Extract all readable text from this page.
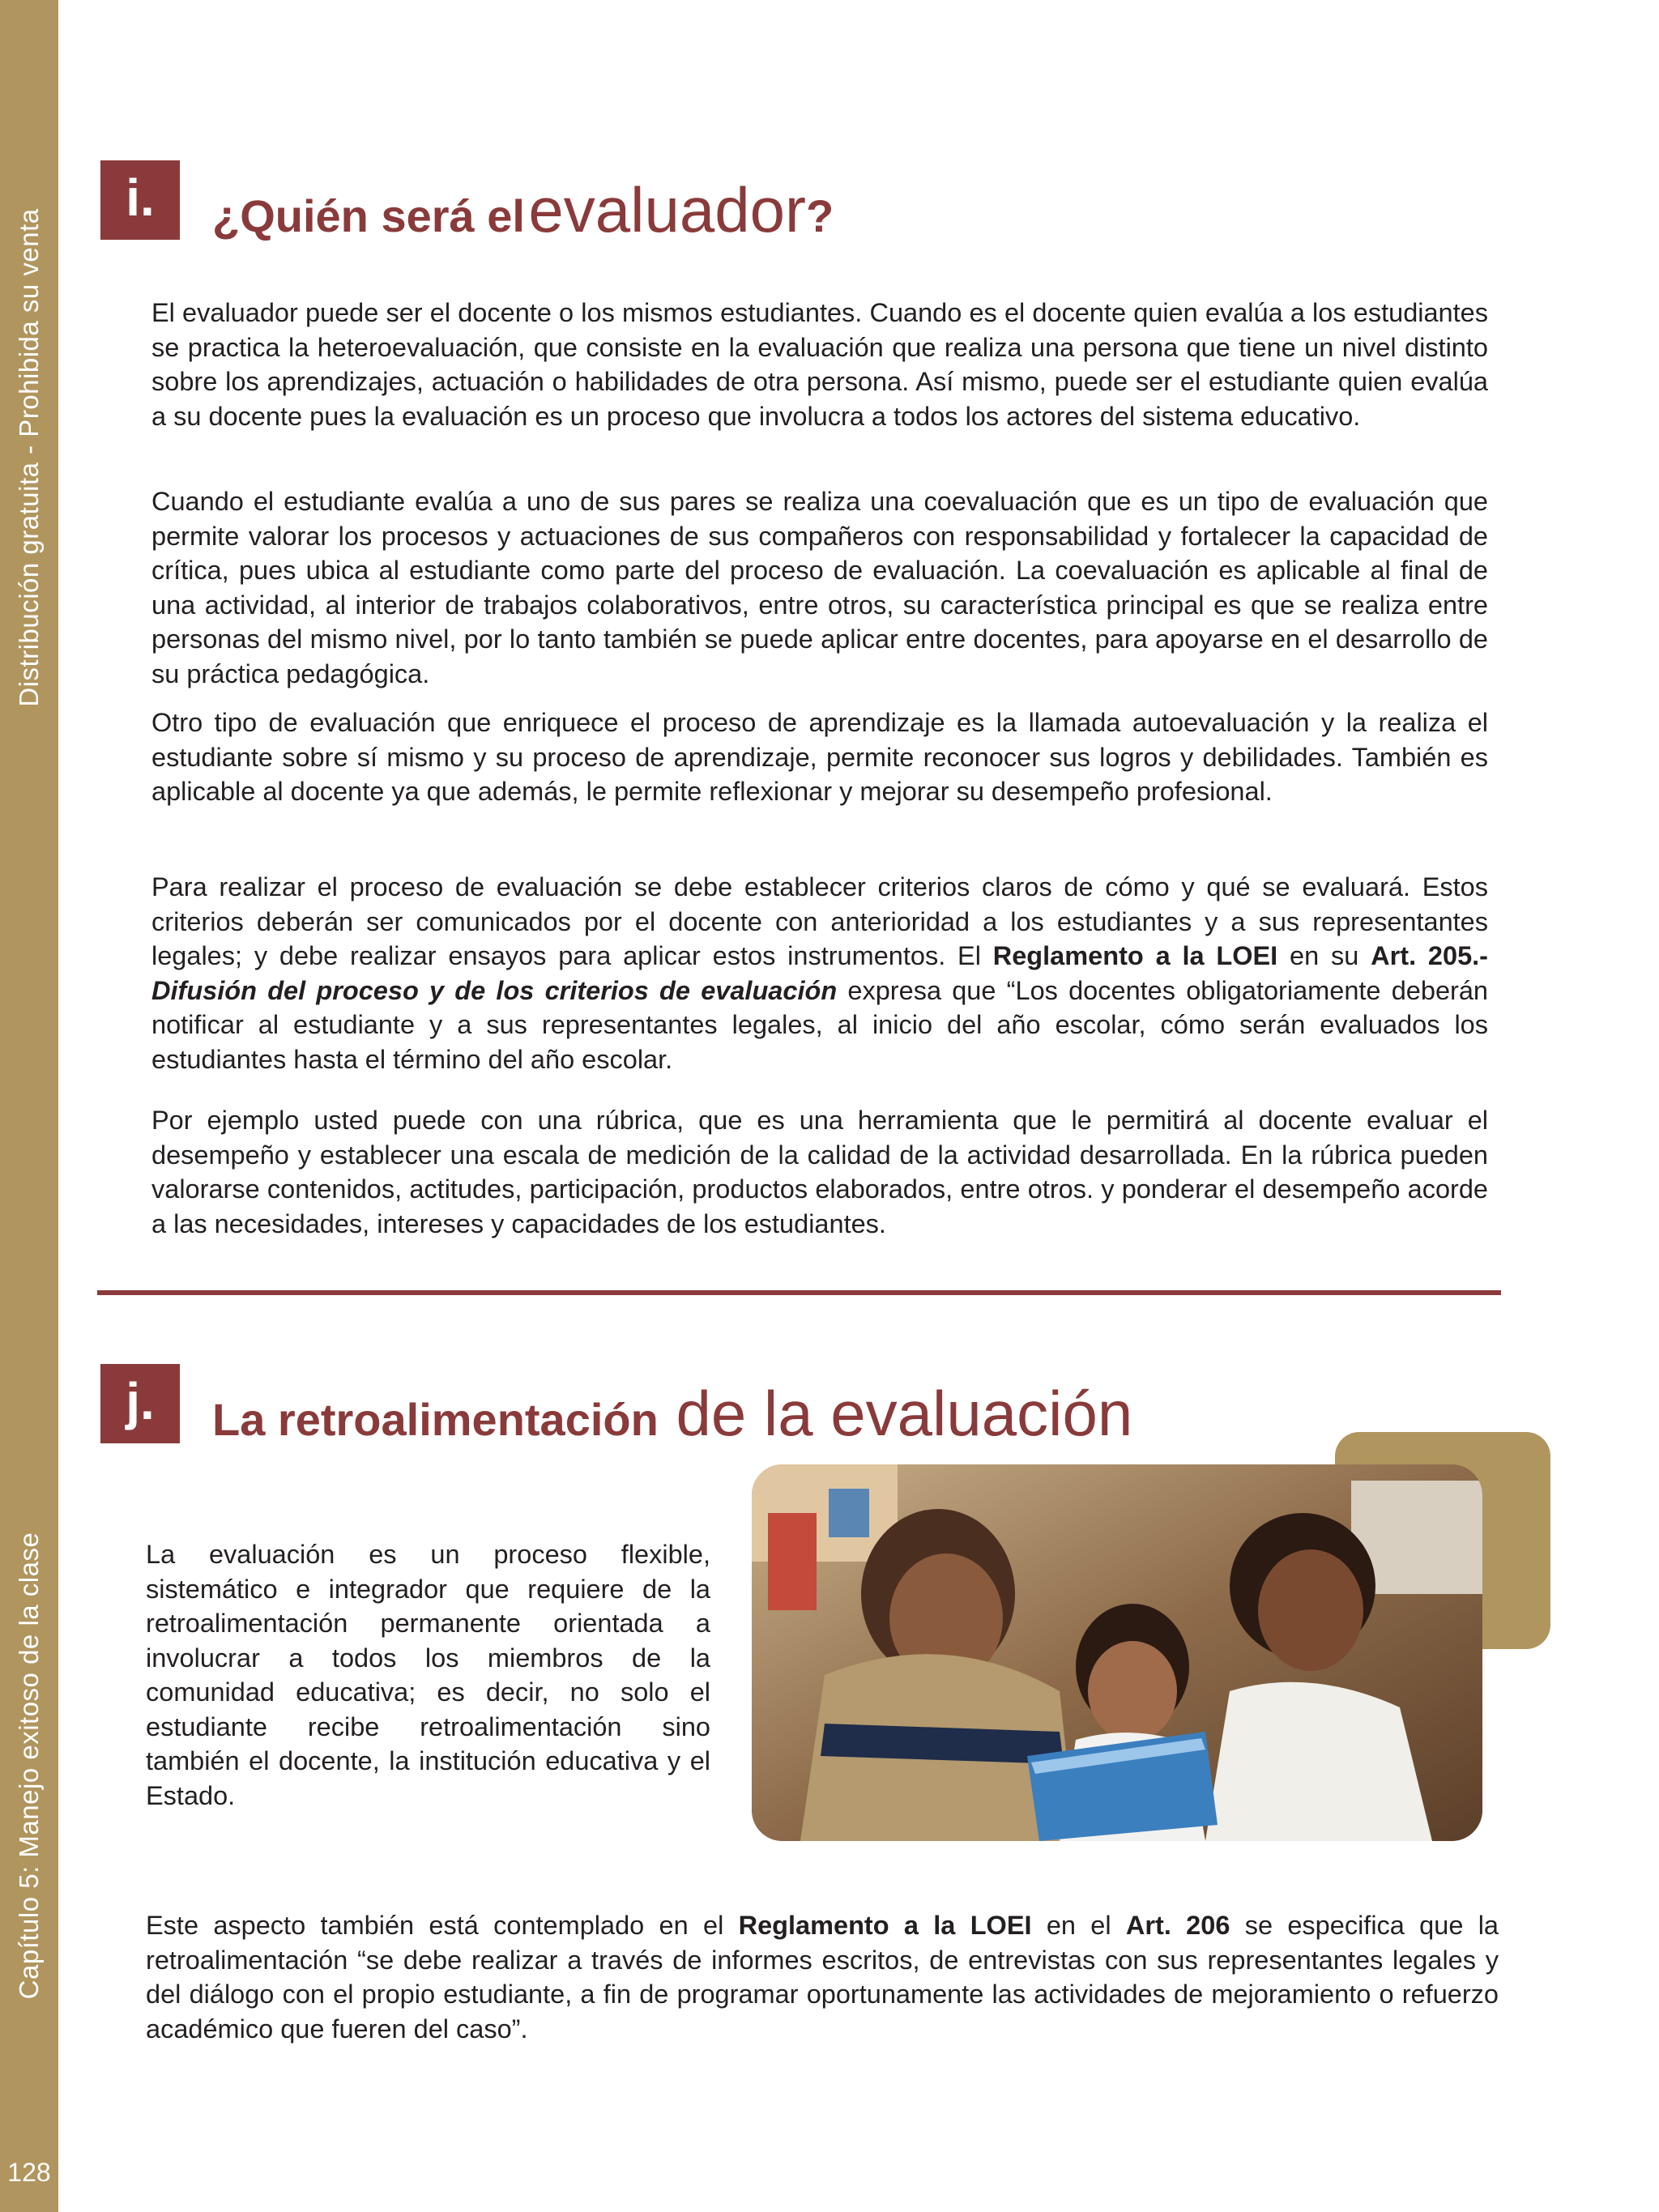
Distribución gratuita - Prohibida su venta
Capítulo 5: Manejo exitoso de la clase
128
i.	¿Quién será el evaluador?

El evaluador puede ser el docente o los mismos estudiantes. Cuando es el docente quien evalúa a los estudiantes se practica la heteroevaluación, que consiste en la evaluación que realiza una persona que tiene un nivel distinto sobre los aprendizajes, actuación o habilidades de otra persona. Así mismo, puede ser el estudiante quien evalúa a su docente pues la evaluación es un proceso que involucra a todos los actores del sistema educativo.

Cuando el estudiante evalúa a uno de sus pares se realiza una coevaluación que es un tipo de evaluación que permite valorar los procesos y actuaciones de sus compañeros con responsabilidad y fortalecer la capacidad de crítica, pues ubica al estudiante como parte del proceso de evaluación. La coevaluación es aplicable al final de una actividad, al interior de trabajos colaborativos, entre otros, su característica principal es que se realiza entre personas del mismo nivel, por lo tanto también se puede aplicar entre docentes, para apoyarse en el desarrollo de su práctica pedagógica.

Otro tipo de evaluación que enriquece el proceso de aprendizaje es la llamada autoevaluación y la realiza el estudiante sobre sí mismo y su proceso de aprendizaje, permite reconocer sus logros y debilidades. También es aplicable al docente ya que además, le permite reflexionar y mejorar su desempeño profesional.

Para realizar el proceso de evaluación se debe establecer criterios claros de cómo y qué se evaluará. Estos criterios deberán ser comunicados por el docente con anterioridad a los estudiantes y a sus representantes legales; y debe realizar ensayos para aplicar estos instrumentos. El Reglamento a la LOEI en su Art. 205.- Difusión del proceso y de los criterios de evaluación expresa que “Los docentes obligatoriamente deberán notificar al estudiante y a sus representantes legales, al inicio del año escolar, cómo serán evaluados los estudiantes hasta el término del año escolar.

Por ejemplo usted puede con una rúbrica, que es una herramienta que le permitirá al docente evaluar el desempeño y establecer una escala de medición de la calidad de la actividad desarrollada. En la rúbrica pueden valorarse contenidos, actitudes, participación, productos elaborados, entre otros. y ponderar el desempeño acorde a las necesidades, intereses y capacidades de los estudiantes.

j.	La retroalimentación de la evaluación

La evaluación es un proceso flexible, sistemático e integrador que requiere de la retroalimentación permanente orientada a involucrar a todos los miembros de la comunidad educativa; es decir, no solo el estudiante recibe retroalimentación sino también el docente, la institución educativa y el Estado.

Este aspecto también está contemplado en el Reglamento a la LOEI en el Art. 206 se especifica que la retroalimentación “se debe realizar a través de informes escritos, de entrevistas con sus representantes legales y del diálogo con el propio estudiante, a fin de programar oportunamente las actividades de mejoramiento o refuerzo académico que fueren del caso”.
